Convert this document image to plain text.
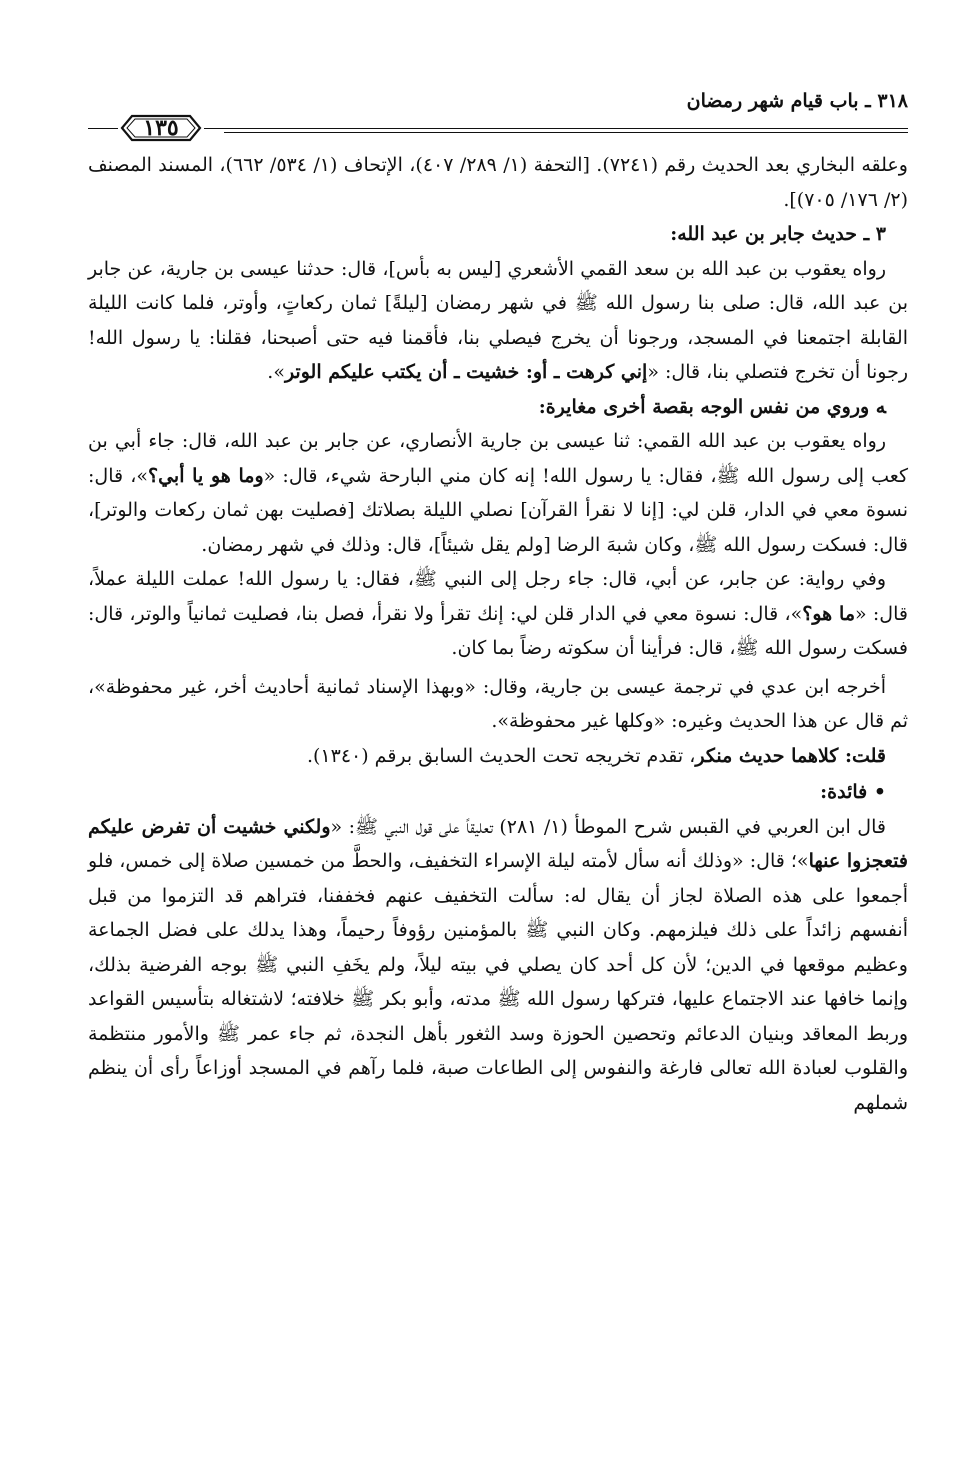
٣١٨ ـ باب قيام شهر رمضان
١٣٥

وعلقه البخاري بعد الحديث رقم (٧٢٤١). [التحفة (١/ ٢٨٩/ ٤٠٧)، الإتحاف (١/ ٥٣٤/ ٦٦٢)، المسند المصنف (٢/ ١٧٦/ ٧٠٥)].

٣ ـ حديث جابر بن عبد الله:

رواه يعقوب بن عبد الله بن سعد القمي الأشعري [ليس به بأس]، قال: حدثنا عيسى بن جارية، عن جابر بن عبد الله، قال: صلى بنا رسول الله ﷺ في شهر رمضان [ليلةً] ثمان ركعاتٍ، وأوتر، فلما كانت الليلة القابلة اجتمعنا في المسجد، ورجونا أن يخرج فيصلي بنا، فأقمنا فيه حتى أصبحنا، فقلنا: يا رسول الله! رجونا أن تخرج فتصلي بنا، قال: «إني كرهت ـ أو: خشيت ـ أن يكتب عليكم الوتر».

ﻪ وروي من نفس الوجه بقصة أخرى مغايرة:

رواه يعقوب بن عبد الله القمي: ثنا عيسى بن جارية الأنصاري، عن جابر بن عبد الله، قال: جاء أبي بن كعب إلى رسول الله ﷺ، فقال: يا رسول الله! إنه كان مني البارحة شيء، قال: «وما هو يا أبي؟»، قال: نسوة معي في الدار، قلن لي: [إنا لا نقرأ القرآن] نصلي الليلة بصلاتك [فصليت بهن ثمان ركعات والوتر]، قال: فسكت رسول الله ﷺ، وكان شبهَ الرضا [ولم يقل شيئاً]، قال: وذلك في شهر رمضان.

وفي رواية: عن جابر، عن أبي، قال: جاء رجل إلى النبي ﷺ، فقال: يا رسول الله! عملت الليلة عملاً، قال: «ما هو؟»، قال: نسوة معي في الدار قلن لي: إنك تقرأ ولا نقرأ، فصل بنا، فصليت ثمانياً والوتر، قال: فسكت رسول الله ﷺ، قال: فرأينا أن سكوته رضاً بما كان.

أخرجه ابن عدي في ترجمة عيسى بن جارية، وقال: «وبهذا الإسناد ثمانية أحاديث أخر، غير محفوظة»، ثم قال عن هذا الحديث وغيره: «وكلها غير محفوظة».

قلت: كلاهما حديث منكر، تقدم تخريجه تحت الحديث السابق برقم (١٣٤٠).

• فائدة:

قال ابن العربي في القبس شرح الموطأ (١/ ٢٨١) تعليقاً على قول النبي ﷺ: «ولكني خشيت أن تفرض عليكم فتعجزوا عنها»؛ قال: «وذلك أنه سأل لأمته ليلة الإسراء التخفيف، والحطَّ من خمسين صلاة إلى خمس، فلو أجمعوا على هذه الصلاة لجاز أن يقال له: سألت التخفيف عنهم فخففنا، فتراهم قد التزموا من قبل أنفسهم زائداً على ذلك فيلزمهم. وكان النبي ﷺ بالمؤمنين رؤوفاً رحيماً، وهذا يدلك على فضل الجماعة وعظيم موقعها في الدين؛ لأن كل أحد كان يصلي في بيته ليلاً، ولم يخَفِ النبي ﷺ بوجه الفرضية بذلك، وإنما خافها عند الاجتماع عليها، فتركها رسول الله ﷺ مدته، وأبو بكر ﷺ خلافته؛ لاشتغاله بتأسيس القواعد وربط المعاقد وبنيان الدعائم وتحصين الحوزة وسد الثغور بأهل النجدة، ثم جاء عمر ﷺ والأمور منتظمة والقلوب لعبادة الله تعالى فارغة والنفوس إلى الطاعات صبة، فلما رآهم في المسجد أوزاعاً رأى أن ينظم شملهم
